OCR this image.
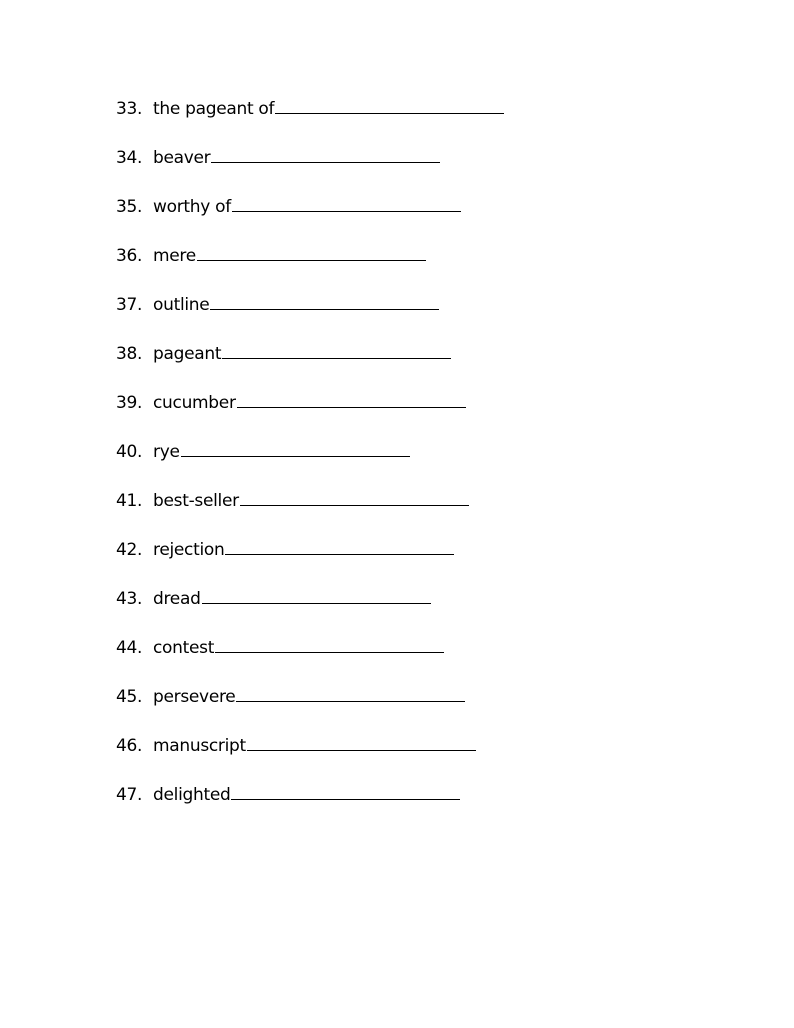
33. the pageant of
34. beaver
35. worthy of
36. mere
37. outline
38. pageant
39. cucumber
40. rye
41. best-seller
42. rejection
43. dread
44. contest
45. persevere
46. manuscript
47. delighted
